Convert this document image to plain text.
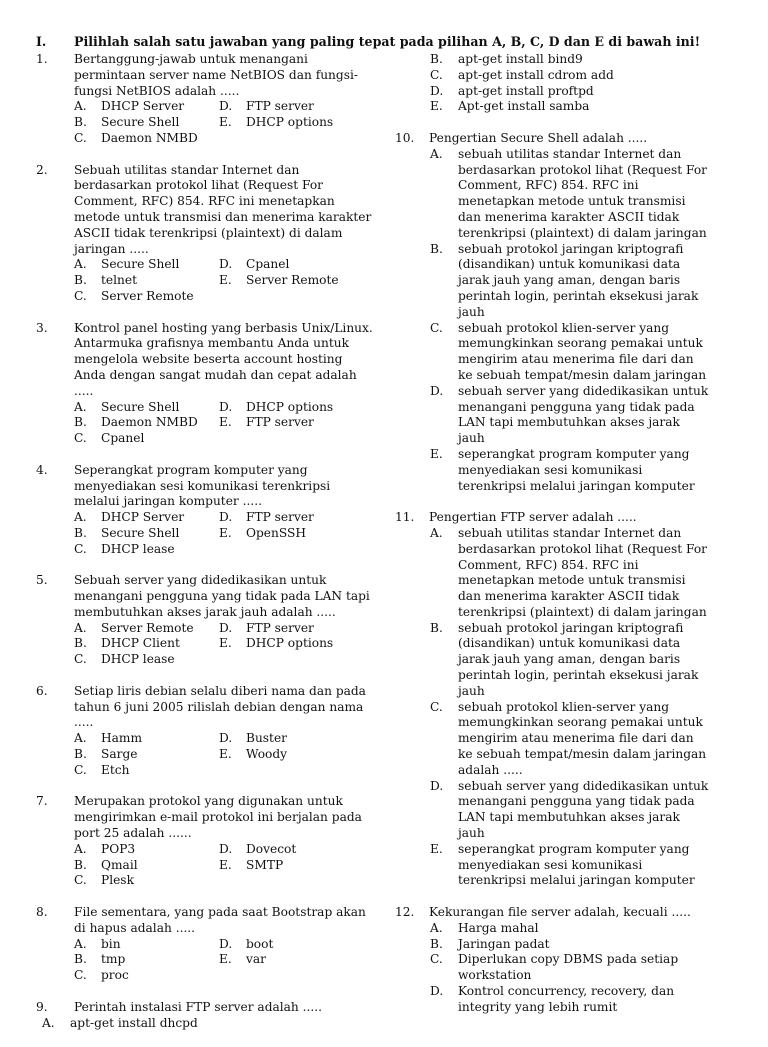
I. Pilihlah salah satu jawaban yang paling tepat pada pilihan A, B, C, D dan E di bawah ini!
1. Bertanggung-jawab untuk menangani permintaan server name NetBIOS dan fungsi-fungsi NetBIOS adalah .....
A.	DHCP Server	D.	FTP server
B.	Secure Shell	E.	DHCP options
C.	Daemon NMBD
2. Sebuah utilitas standar Internet dan berdasarkan protokol lihat (Request For Comment, RFC) 854. RFC ini menetapkan metode untuk transmisi dan menerima karakter ASCII tidak terenkripsi (plaintext) di dalam jaringan .....
A.	Secure Shell	D.	Cpanel
B.	telnet	E.	Server Remote
C.	Server Remote
3. Kontrol panel hosting yang berbasis Unix/Linux. Antarmuka grafisnya membantu Anda untuk mengelola website beserta account hosting Anda dengan sangat mudah dan cepat adalah .....
A.	Secure Shell	D.	DHCP options
B.	Daemon NMBD E.	FTP server
C.	Cpanel
4. Seperangkat program komputer yang menyediakan sesi komunikasi terenkripsi melalui jaringan komputer .....
A.	DHCP Server	D.	FTP server
B.	Secure Shell	E.	OpenSSH
C.	DHCP lease
5. Sebuah server yang didedikasikan untuk menangani pengguna yang tidak pada LAN tapi membutuhkan akses jarak jauh adalah .....
A.	Server Remote D.	FTP server
B.	DHCP Client	E.	DHCP options
C.	DHCP lease
6. Setiap liris debian selalu diberi nama dan pada tahun 6 juni 2005 rilislah debian dengan nama .....
A.	Hamm	D.	Buster
B.	Sarge	E.	Woody
C.	Etch
7. Merupakan protokol yang digunakan untuk mengirimkan e-mail protokol ini berjalan pada port 25 adalah ......
A.	POP3	D.	Dovecot
B.	Qmail	E.	SMTP
C.	Plesk
8. File sementara, yang pada saat Bootstrap akan di hapus adalah .....
A.	bin	D.	boot
B.	tmp	E.	var
C.	proc
9. Perintah instalasi FTP server adalah .....
A.	apt-get install dhcpd
B.	apt-get install bind9
C.	apt-get install cdrom add
D.	apt-get install proftpd
E.	Apt-get install samba
10. Pengertian Secure Shell adalah .....
A.	sebuah utilitas standar Internet dan berdasarkan protokol lihat (Request For Comment, RFC) 854. RFC ini menetapkan metode untuk transmisi dan menerima karakter ASCII tidak terenkripsi (plaintext) di dalam jaringan
B.	sebuah protokol jaringan kriptografi (disandikan) untuk komunikasi data jarak jauh yang aman, dengan baris perintah login, perintah eksekusi jarak jauh
C.	sebuah protokol klien-server yang memungkinkan seorang pemakai untuk mengirim atau menerima file dari dan ke sebuah tempat/mesin dalam jaringan
D.	sebuah server yang didedikasikan untuk menangani pengguna yang tidak pada LAN tapi membutuhkan akses jarak jauh
E.	seperangkat program komputer yang menyediakan sesi komunikasi terenkripsi melalui jaringan komputer
11. Pengertian FTP server adalah .....
A.	sebuah utilitas standar Internet dan berdasarkan protokol lihat (Request For Comment, RFC) 854. RFC ini menetapkan metode untuk transmisi dan menerima karakter ASCII tidak terenkripsi (plaintext) di dalam jaringan
B.	sebuah protokol jaringan kriptografi (disandikan) untuk komunikasi data jarak jauh yang aman, dengan baris perintah login, perintah eksekusi jarak jauh
C.	sebuah protokol klien-server yang memungkinkan seorang pemakai untuk mengirim atau menerima file dari dan ke sebuah tempat/mesin dalam jaringan adalah .....
D.	sebuah server yang didedikasikan untuk menangani pengguna yang tidak pada LAN tapi membutuhkan akses jarak jauh
E.	seperangkat program komputer yang menyediakan sesi komunikasi terenkripsi melalui jaringan komputer
12. Kekurangan file server adalah, kecuali .....
A.	Harga mahal
B.	Jaringan padat
C.	Diperlukan copy DBMS pada setiap workstation
D.	Kontrol concurrency, recovery, dan integrity yang lebih rumit
